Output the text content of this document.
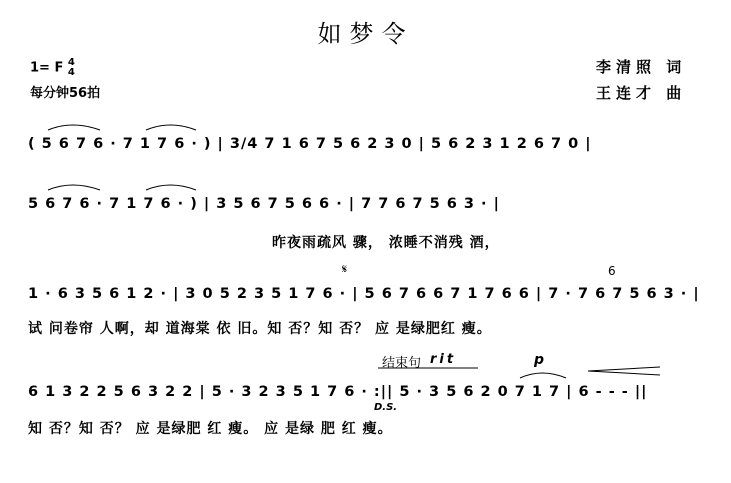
如梦令
1= F 4
4
每分钟56拍
李清照 词
王连才 曲
( 5 6 7 6 · 7 1 7 6 · ) | 3/4 7 1 6 7 5 6 2 3 0 | 5 6 2 3 1 2 6 7 0 |
5 6 7 6 · 7 1 7 6 · ) | 3 5 6 7 5 6 6 · | 7 7 6 7 5 6 3 · |
昨夜雨疏风 骤， 浓睡不消残 酒，
1 · 6 3 5 6 1 2 · | 3 0 5 2 3 5 1 7 6 · | 5 6 7 6 6 7 1 7 6 6 | 7 · 7 6 7 5 6 3 · |
试 问卷帘 人啊，却 道海棠 依 旧。知 否？知 否？ 应 是绿肥红 瘦。
𝄋	6
6 1 3 2 2 5 6 3 2 2 | 5 · 3 2 3 5 1 7 6 · :|| 5 · 3 5 6 2 0 7 1 7 | 6 - - - ||
知 否？知 否？ 应 是绿肥 红 瘦。 应 是绿 肥 红 瘦。
结束句 rit	p
D.S.
